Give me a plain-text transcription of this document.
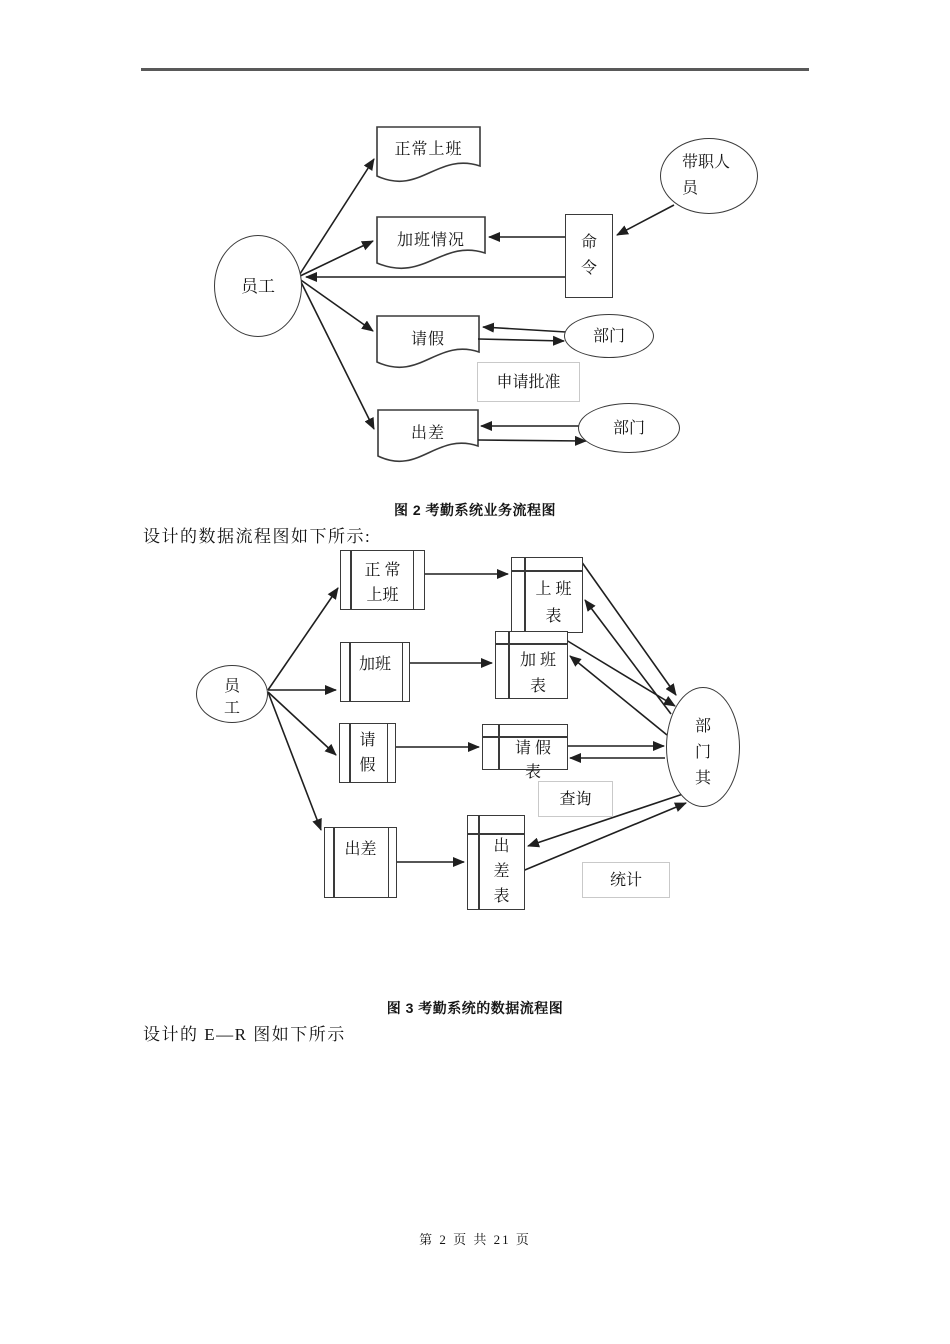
员工
正常上班
加班情况
请假
出差
命
令
带职人
员
部门
申请批准
部门
图 2 考勤系统业务流程图
设计的数据流程图如下所示:
员
工
正 常
上班	上 班
表
加班	加 班
表
请
假
请 假
表
查询
出差	出
差
表
统计
部
门
其
图 3 考勤系统的数据流程图
设计的 E—R 图如下所示
第 2 页 共 21 页
